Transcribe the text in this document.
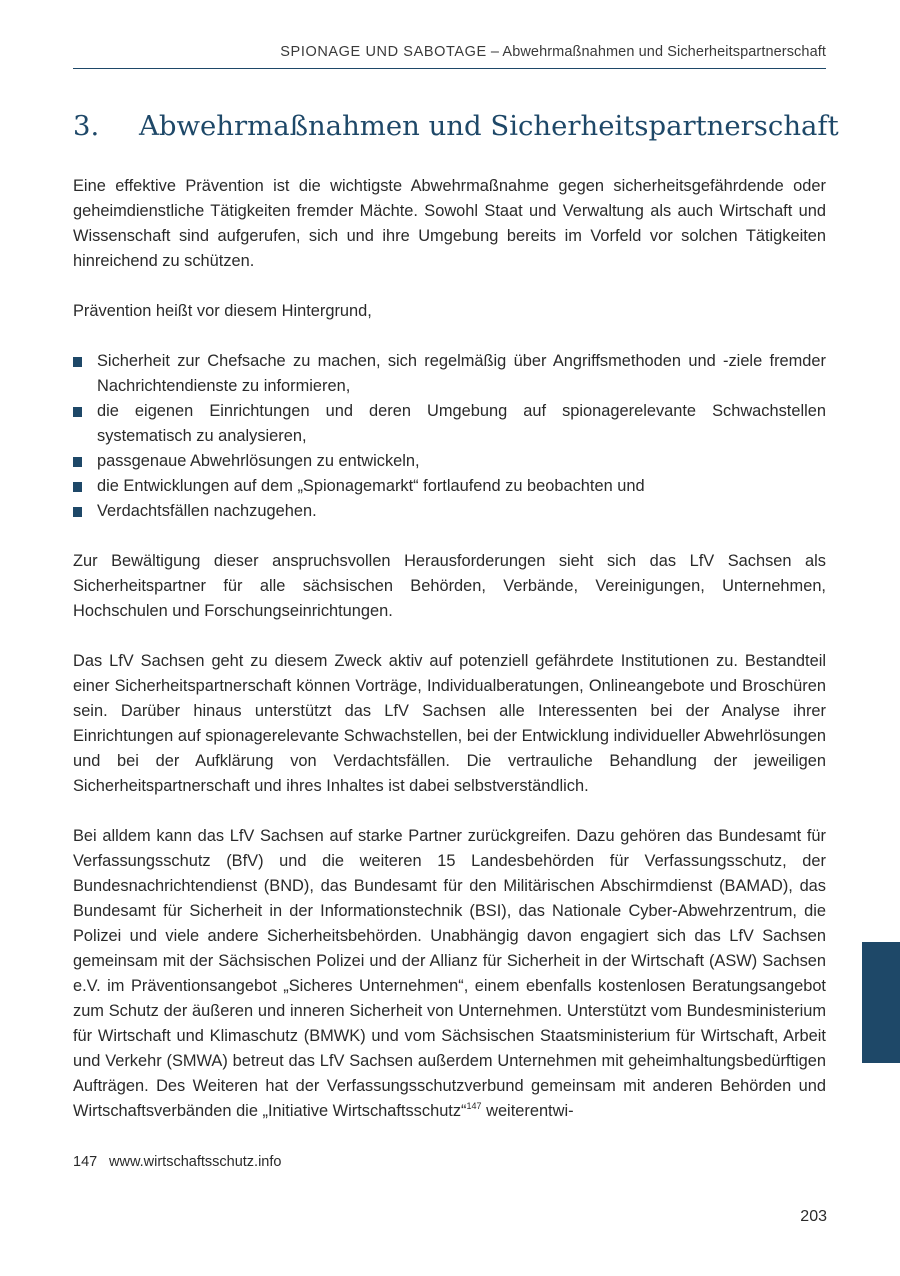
SPIONAGE UND SABOTAGE – Abwehrmaßnahmen und Sicherheitspartnerschaft
3. Abwehrmaßnahmen und Sicherheitspartnerschaft

Eine effektive Prävention ist die wichtigste Abwehrmaßnahme gegen sicherheitsgefährdende oder geheimdienstliche Tätigkeiten fremder Mächte. Sowohl Staat und Verwaltung als auch Wirtschaft und Wissenschaft sind aufgerufen, sich und ihre Umgebung bereits im Vorfeld vor solchen Tätigkeiten hinreichend zu schützen.

Prävention heißt vor diesem Hintergrund,

Sicherheit zur Chefsache zu machen, sich regelmäßig über Angriffsmethoden und -ziele fremder Nachrichtendienste zu informieren,
die eigenen Einrichtungen und deren Umgebung auf spionagerelevante Schwachstellen systematisch zu analysieren,
passgenaue Abwehrlösungen zu entwickeln,
die Entwicklungen auf dem „Spionagemarkt“ fortlaufend zu beobachten und
Verdachtsfällen nachzugehen.

Zur Bewältigung dieser anspruchsvollen Herausforderungen sieht sich das LfV Sachsen als Sicherheitspartner für alle sächsischen Behörden, Verbände, Vereinigungen, Unternehmen, Hochschulen und Forschungseinrichtungen.

Das LfV Sachsen geht zu diesem Zweck aktiv auf potenziell gefährdete Institutionen zu. Bestandteil einer Sicherheitspartnerschaft können Vorträge, Individualberatungen, Onlineangebote und Broschüren sein. Darüber hinaus unterstützt das LfV Sachsen alle Interessenten bei der Analyse ihrer Einrichtungen auf spionagerelevante Schwachstellen, bei der Entwicklung individueller Abwehrlösungen und bei der Aufklärung von Verdachtsfällen. Die vertrauliche Behandlung der jeweiligen Sicherheitspartnerschaft und ihres Inhaltes ist dabei selbstverständlich.

Bei alldem kann das LfV Sachsen auf starke Partner zurückgreifen. Dazu gehören das Bundesamt für Verfassungsschutz (BfV) und die weiteren 15 Landesbehörden für Verfassungsschutz, der Bundesnachrichtendienst (BND), das Bundesamt für den Militärischen Abschirmdienst (BAMAD), das Bundesamt für Sicherheit in der Informationstechnik (BSI), das Nationale Cyber-Abwehrzentrum, die Polizei und viele andere Sicherheitsbehörden. Unabhängig davon engagiert sich das LfV Sachsen gemeinsam mit der Sächsischen Polizei und der Allianz für Sicherheit in der Wirtschaft (ASW) Sachsen e.V. im Präventionsangebot „Sicheres Unternehmen“, einem ebenfalls kostenlosen Beratungsangebot zum Schutz der äußeren und inneren Sicherheit von Unternehmen. Unterstützt vom Bundesministerium für Wirtschaft und Klimaschutz (BMWK) und vom Sächsischen Staatsministerium für Wirtschaft, Arbeit und Verkehr (SMWA) betreut das LfV Sachsen außerdem Unternehmen mit geheimhaltungsbedürftigen Aufträgen. Des Weiteren hat der Verfassungsschutzverbund gemeinsam mit anderen Behörden und Wirtschaftsverbänden die „Initiative Wirtschaftsschutz“$^{147}$ weiterentwi-

147 www.wirtschaftsschutz.info
203
